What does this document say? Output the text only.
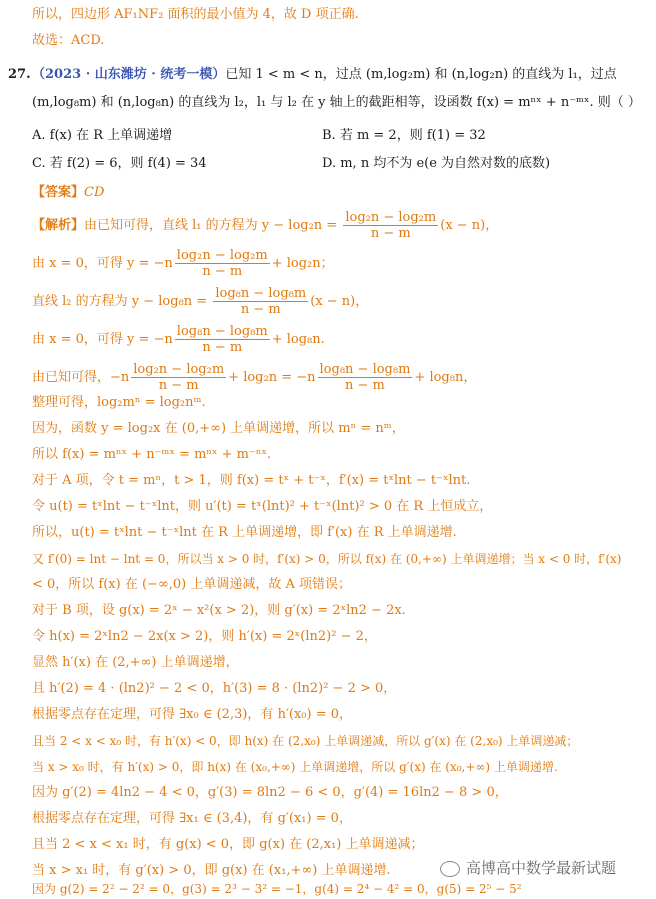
所以，四边形 AF₁NF₂ 面积的最小值为 4，故 D 项正确.
故选：ACD.
27. （2023 · 山东潍坊 · 统考一模）已知 1 < m < n，过点 (m,log₂m) 和 (n,log₂n) 的直线为 l₁，过点
(m,log₈m) 和 (n,log₈n) 的直线为 l₂，l₁ 与 l₂ 在 y 轴上的截距相等，设函数 f(x) = mⁿˣ + n⁻ᵐˣ. 则（ ）
A. f(x) 在 R 上单调递增	B. 若 m = 2，则 f(1) = 32
C. 若 f(2) = 6，则 f(4) = 34	D. m, n 均不为 e(e 为自然对数的底数)
【答案】CD
【解析】由已知可得，直线 l₁ 的方程为 $y - \log_2n = \frac{\text{log₂n − log₂m}}{n - m} (x - n)$，
由 x = 0，可得 $y = -n \frac{\text{log₂n − log₂m}}{n - m} + \log_2n$；
直线 l₂ 的方程为 $y - \log_8n = \frac{\text{log₈n − log₈m}}{n - m} (x - n)$，
由 x = 0，可得 $y = -n \frac{\text{log₈n − log₈m}}{n - m} + \log_8n$.
由已知可得，$-n \frac{\text{log₂n − log₂m}}{n - m} + \log_2n = -n \frac{\text{log₈n − log₈m}}{n - m} + \log_8n$，
整理可得，log₂mⁿ = log₂nᵐ.
因为，函数 y = log₂x 在 (0,+∞) 上单调递增，所以 mⁿ = nᵐ，
所以 f(x) = mⁿˣ + n⁻ᵐˣ = mⁿˣ + m⁻ⁿˣ.
对于 A 项，令 t = mⁿ，t > 1，则 f(x) = tˣ + t⁻ˣ，f′(x) = tˣlnt − t⁻ˣlnt.
令 u(t) = tˣlnt − t⁻ˣlnt，则 u′(t) = tˣ(lnt)² + t⁻ˣ(lnt)² > 0 在 R 上恒成立，
所以，u(t) = tˣlnt − t⁻ˣlnt 在 R 上单调递增，即 f′(x) 在 R 上单调递增.
又 f′(0) = lnt − lnt = 0，所以当 x > 0 时，f′(x) > 0，所以 f(x) 在 (0,+∞) 上单调递增；当 x < 0 时，f′(x)
< 0，所以 f(x) 在 (−∞,0) 上单调递减，故 A 项错误；
对于 B 项，设 g(x) = 2ˣ − x²(x > 2)，则 g′(x) = 2ˣln2 − 2x.
令 h(x) = 2ˣln2 − 2x(x > 2)，则 h′(x) = 2ˣ(ln2)² − 2，
显然 h′(x) 在 (2,+∞) 上单调递增，
且 h′(2) = 4 · (ln2)² − 2 < 0，h′(3) = 8 · (ln2)² − 2 > 0，
根据零点存在定理，可得 ∃x₀ ∈ (2,3)，有 h′(x₀) = 0，
且当 2 < x < x₀ 时，有 h′(x) < 0，即 h(x) 在 (2,x₀) 上单调递减，所以 g′(x) 在 (2,x₀) 上单调递减；
当 x > x₀ 时，有 h′(x) > 0，即 h(x) 在 (x₀,+∞) 上单调递增，所以 g′(x) 在 (x₀,+∞) 上单调递增.
因为 g′(2) = 4ln2 − 4 < 0，g′(3) = 8ln2 − 6 < 0，g′(4) = 16ln2 − 8 > 0，
根据零点存在定理，可得 ∃x₁ ∈ (3,4)，有 g′(x₁) = 0，
且当 2 < x < x₁ 时，有 g(x) < 0，即 g(x) 在 (2,x₁) 上单调递减；
当 x > x₁ 时，有 g′(x) > 0，即 g(x) 在 (x₁,+∞) 上单调递增.
因为 g(2) = 2² − 2² = 0，g(3) = 2³ − 3² = −1，g(4) = 2⁴ − 4² = 0，g(5) = 2⁵ − 5²
高博高中数学最新试题
